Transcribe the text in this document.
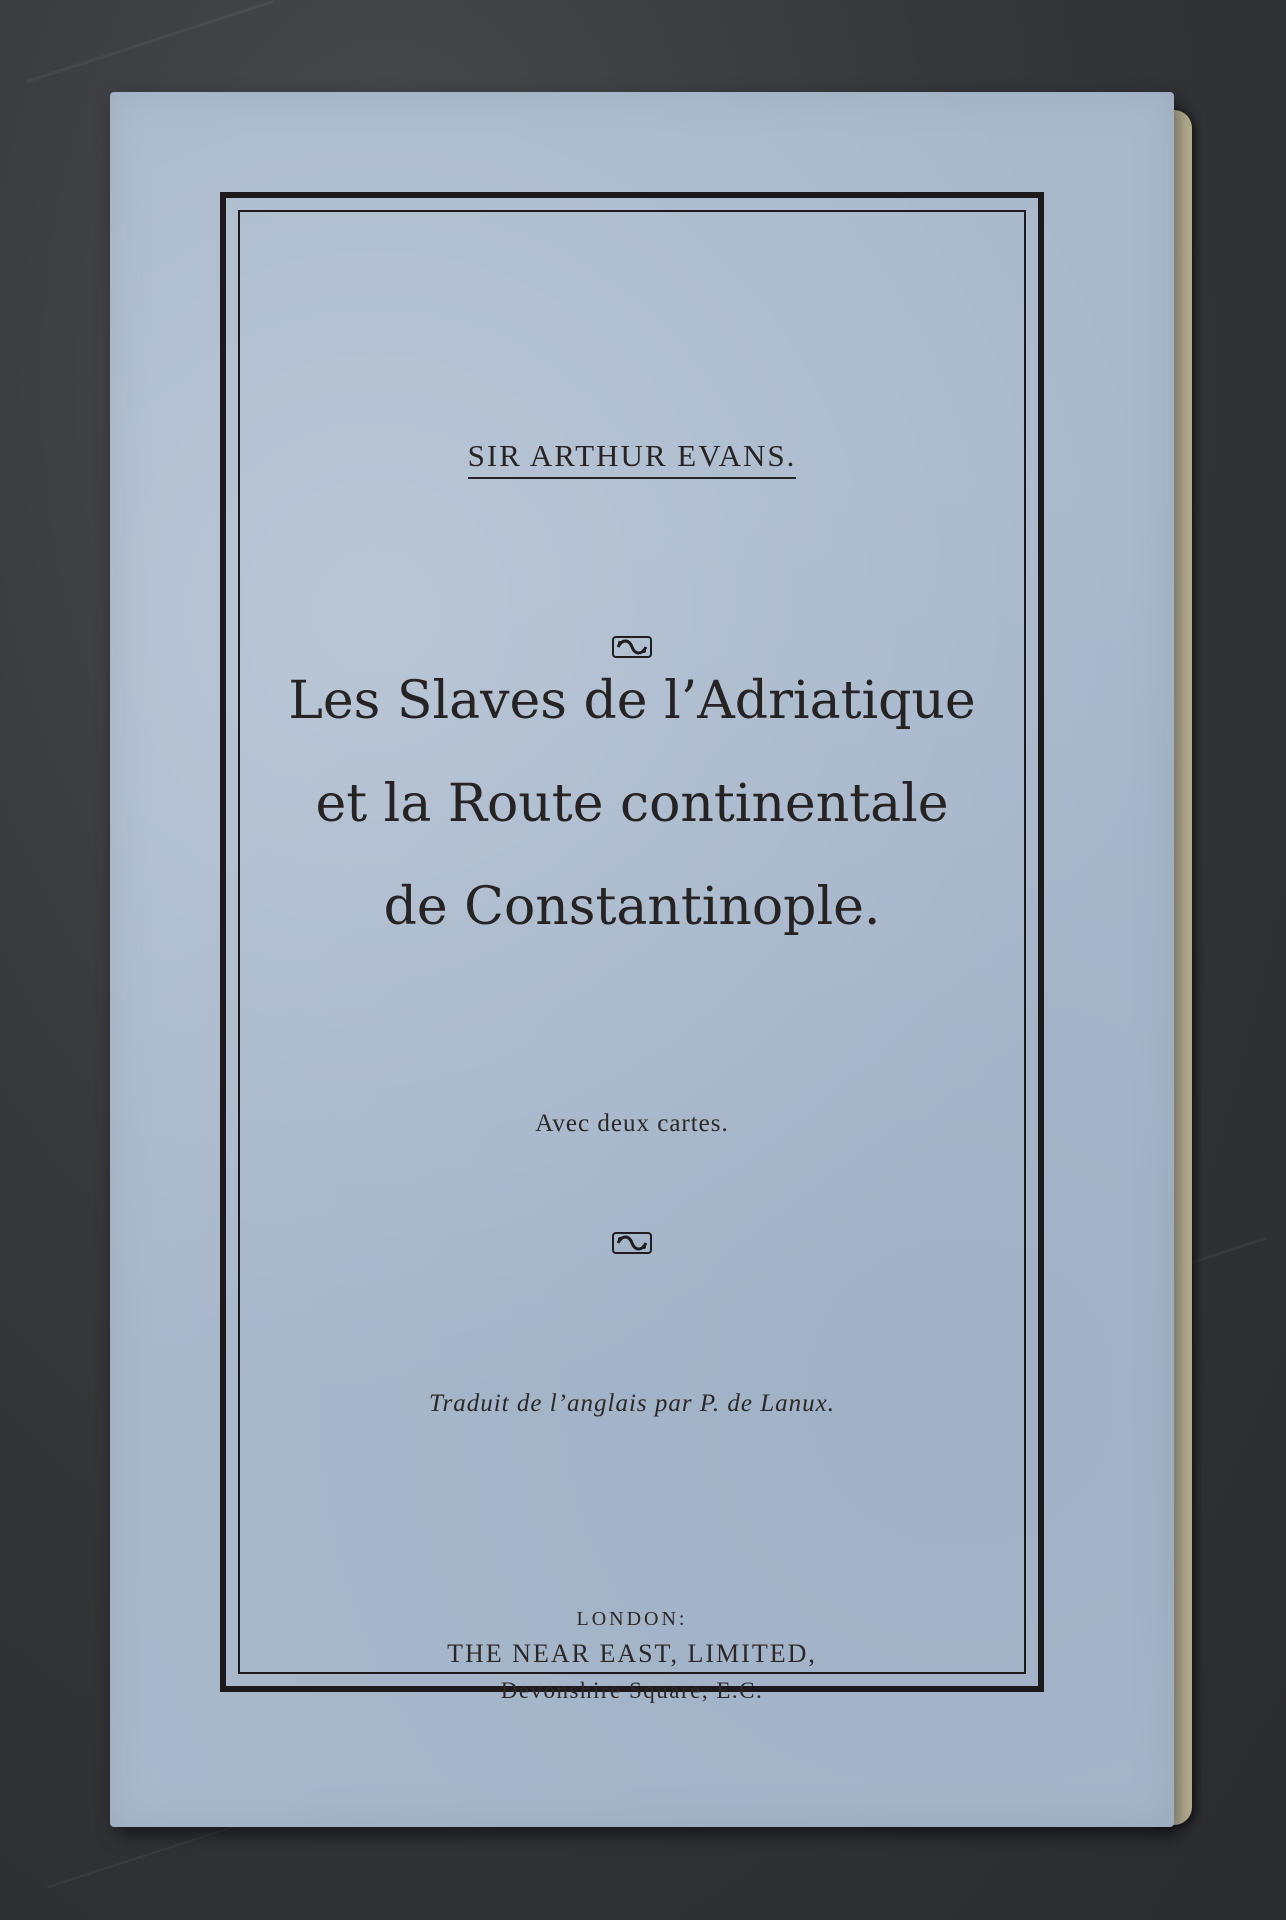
SIR ARTHUR EVANS.
Les Slaves de l’Adriatique
et la Route continentale
de Constantinople.
Avec deux cartes.
Traduit de l’anglais par P. de Lanux.
LONDON:
THE NEAR EAST, LIMITED,
Devonshire Square, E.C.
